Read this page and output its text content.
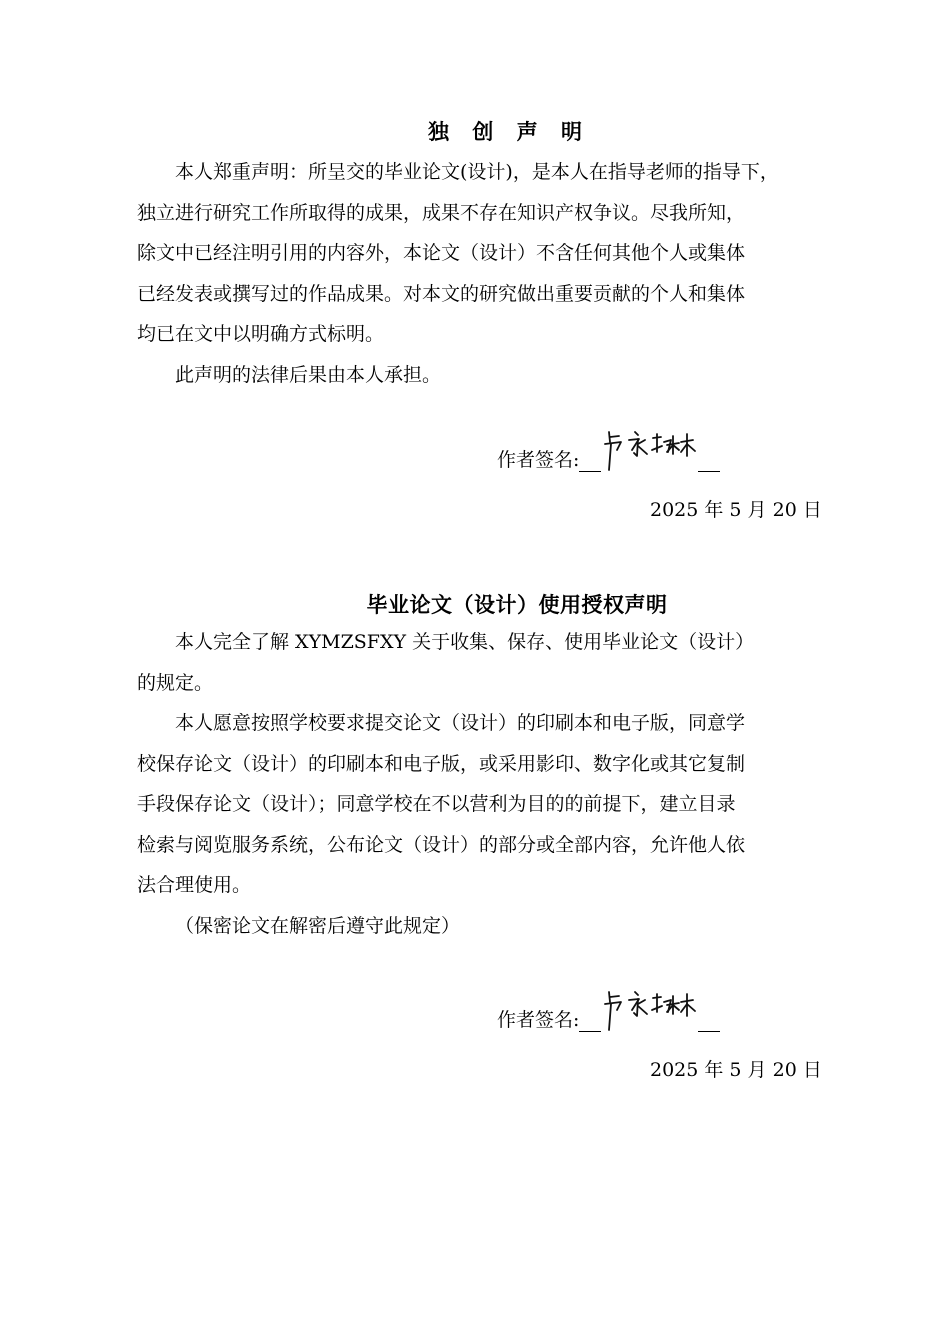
独 创 声 明
本人郑重声明：所呈交的毕业论文(设计)，是本人在指导老师的指导下，
独立进行研究工作所取得的成果，成果不存在知识产权争议。尽我所知，
除文中已经注明引用的内容外，本论文（设计）不含任何其他个人或集体
已经发表或撰写过的作品成果。对本文的研究做出重要贡献的个人和集体
均已在文中以明确方式标明。
此声明的法律后果由本人承担。
作者签名:
2025 年 5 月 20 日
毕业论文（设计）使用授权声明
本人完全了解 XYMZSFXY 关于收集、保存、使用毕业论文（设计）
的规定。
本人愿意按照学校要求提交论文（设计）的印刷本和电子版，同意学
校保存论文（设计）的印刷本和电子版，或采用影印、数字化或其它复制
手段保存论文（设计）；同意学校在不以营利为目的的前提下，建立目录
检索与阅览服务系统，公布论文（设计）的部分或全部内容，允许他人依
法合理使用。
（保密论文在解密后遵守此规定）
作者签名:
2025 年 5 月 20 日
